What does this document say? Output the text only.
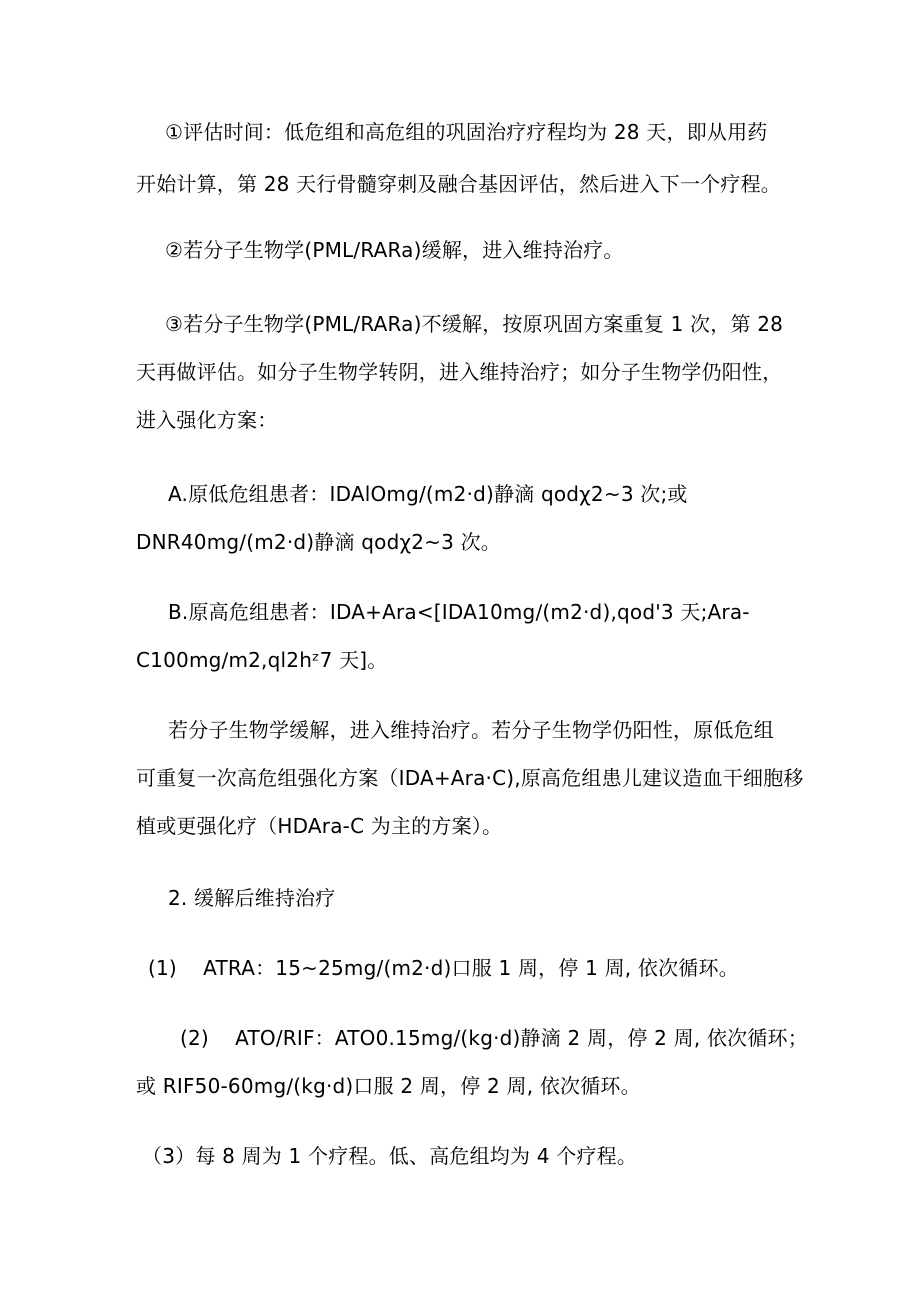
①评估时间：低危组和高危组的巩固治疗疗程均为 28 天，即从用药
开始计算，第 28 天行骨髓穿刺及融合基因评估，然后进入下一个疗程。
②若分子生物学(PML/RARa)缓解，进入维持治疗。
③若分子生物学(PML/RARa)不缓解，按原巩固方案重复 1 次，第 28
天再做评估。如分子生物学转阴，进入维持治疗；如分子生物学仍阳性，
进入强化方案：
A.原低危组患者：IDAlOmg/(m2·d)静滴 qodχ2~3 次;或
DNR40mg∕(m2·d)静滴 qodχ2~3 次。
B.原高危组患者：IDA+Ara<[IDA10mg∕(m2·d),qod'3 天;Ara-
C100mg∕m2,ql2hᶻ7 天]。
若分子生物学缓解，进入维持治疗。若分子生物学仍阳性，原低危组
可重复一次高危组强化方案（IDA+Ara·C),原高危组患儿建议造血干细胞移
植或更强化疗（HDAra-C 为主的方案）。
2. 缓解后维持治疗
(1)    ATRA：15~25mg/(m2·d)口服 1 周，停 1 周, 依次循环。
(2)    ATO/RIF：ATO0.15mg/(kg·d)静滴 2 周，停 2 周, 依次循环；
或 RIF50-60mg∕(kg·d)口服 2 周，停 2 周, 依次循环。
（3）每 8 周为 1 个疗程。低、高危组均为 4 个疗程。
